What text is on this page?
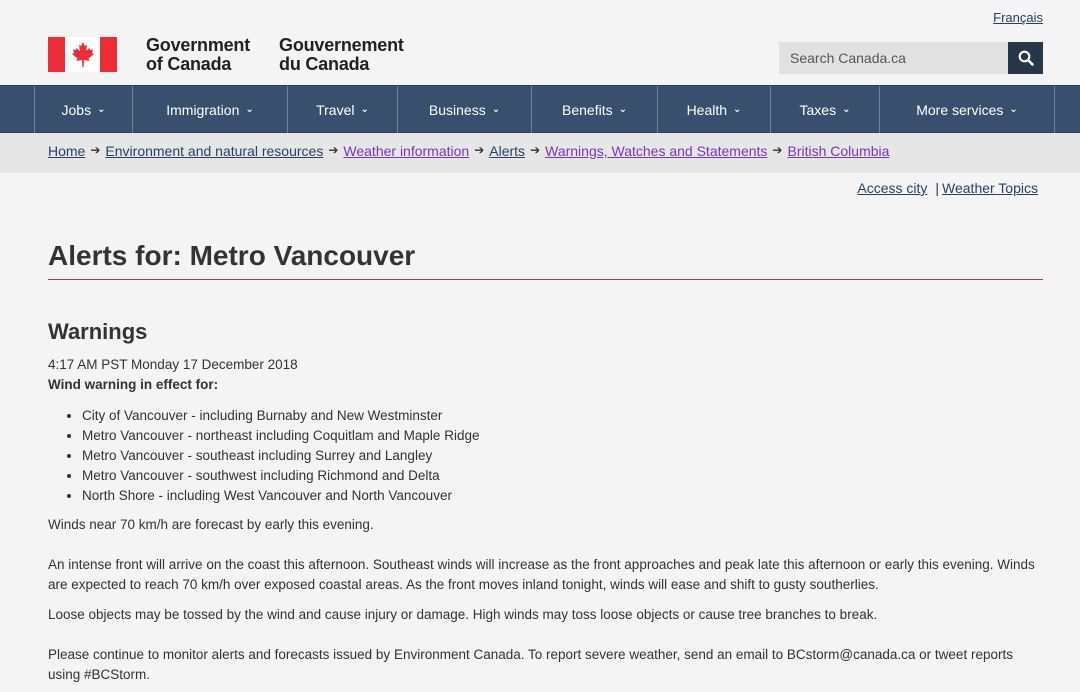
Français
Government
of Canada
Gouvernement
du Canada
Search Canada.ca
Jobs ⌄	Immigration ⌄	Travel ⌄	Business ⌄	Benefits ⌄	Health ⌄	Taxes ⌄	More services ⌄
Home ➔ Environment and natural resources ➔ Weather information ➔ Alerts ➔ Warnings, Watches and Statements ➔ British Columbia
Access city | Weather Topics
Alerts for: Metro Vancouver
Warnings
4:17 AM PST Monday 17 December 2018
Wind warning in effect for:
• City of Vancouver - including Burnaby and New Westminster
• Metro Vancouver - northeast including Coquitlam and Maple Ridge
• Metro Vancouver - southeast including Surrey and Langley
• Metro Vancouver - southwest including Richmond and Delta
• North Shore - including West Vancouver and North Vancouver

Winds near 70 km/h are forecast by early this evening.

An intense front will arrive on the coast this afternoon. Southeast winds will increase as the front approaches and peak late this afternoon or early this evening. Winds are expected to reach 70 km/h over exposed coastal areas. As the front moves inland tonight, winds will ease and shift to gusty southerlies.

Loose objects may be tossed by the wind and cause injury or damage. High winds may toss loose objects or cause tree branches to break.

Please continue to monitor alerts and forecasts issued by Environment Canada. To report severe weather, send an email to BCstorm@canada.ca or tweet reports using #BCStorm.
